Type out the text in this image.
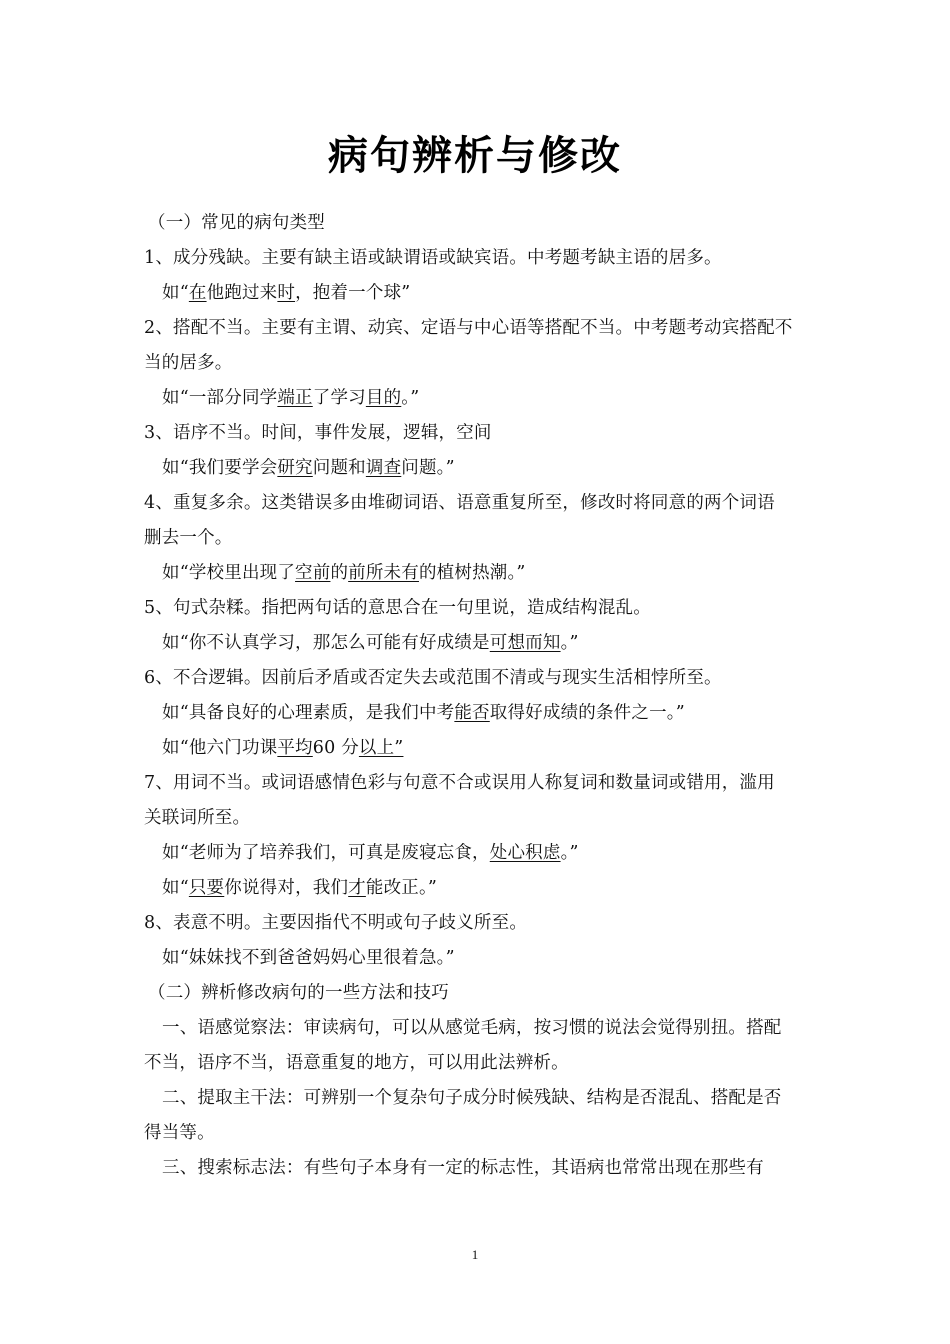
病句辨析与修改
（一）常见的病句类型
1、成分残缺。主要有缺主语或缺谓语或缺宾语。中考题考缺主语的居多。
如“在他跑过来时，抱着一个球”
2、搭配不当。主要有主谓、动宾、定语与中心语等搭配不当。中考题考动宾搭配不
当的居多。
如“一部分同学端正了学习目的。”
3、语序不当。时间，事件发展，逻辑，空间
如“我们要学会研究问题和调查问题。”
4、重复多余。这类错误多由堆砌词语、语意重复所至，修改时将同意的两个词语
删去一个。
如“学校里出现了空前的前所未有的植树热潮。”
5、句式杂糅。指把两句话的意思合在一句里说，造成结构混乱。
如“你不认真学习，那怎么可能有好成绩是可想而知。”
6、不合逻辑。因前后矛盾或否定失去或范围不清或与现实生活相悖所至。
如“具备良好的心理素质，是我们中考能否取得好成绩的条件之一。”
如“他六门功课平均60 分以上”
7、用词不当。或词语感情色彩与句意不合或误用人称复词和数量词或错用，滥用
关联词所至。
如“老师为了培养我们，可真是废寝忘食，处心积虑。”
如“只要你说得对，我们才能改正。”
8、表意不明。主要因指代不明或句子歧义所至。
如“妹妹找不到爸爸妈妈心里很着急。”
（二）辨析修改病句的一些方法和技巧
一、语感觉察法：审读病句，可以从感觉毛病，按习惯的说法会觉得别扭。搭配
不当，语序不当，语意重复的地方，可以用此法辨析。
二、提取主干法：可辨别一个复杂句子成分时候残缺、结构是否混乱、搭配是否
得当等。
三、搜索标志法：有些句子本身有一定的标志性，其语病也常常出现在那些有
1
